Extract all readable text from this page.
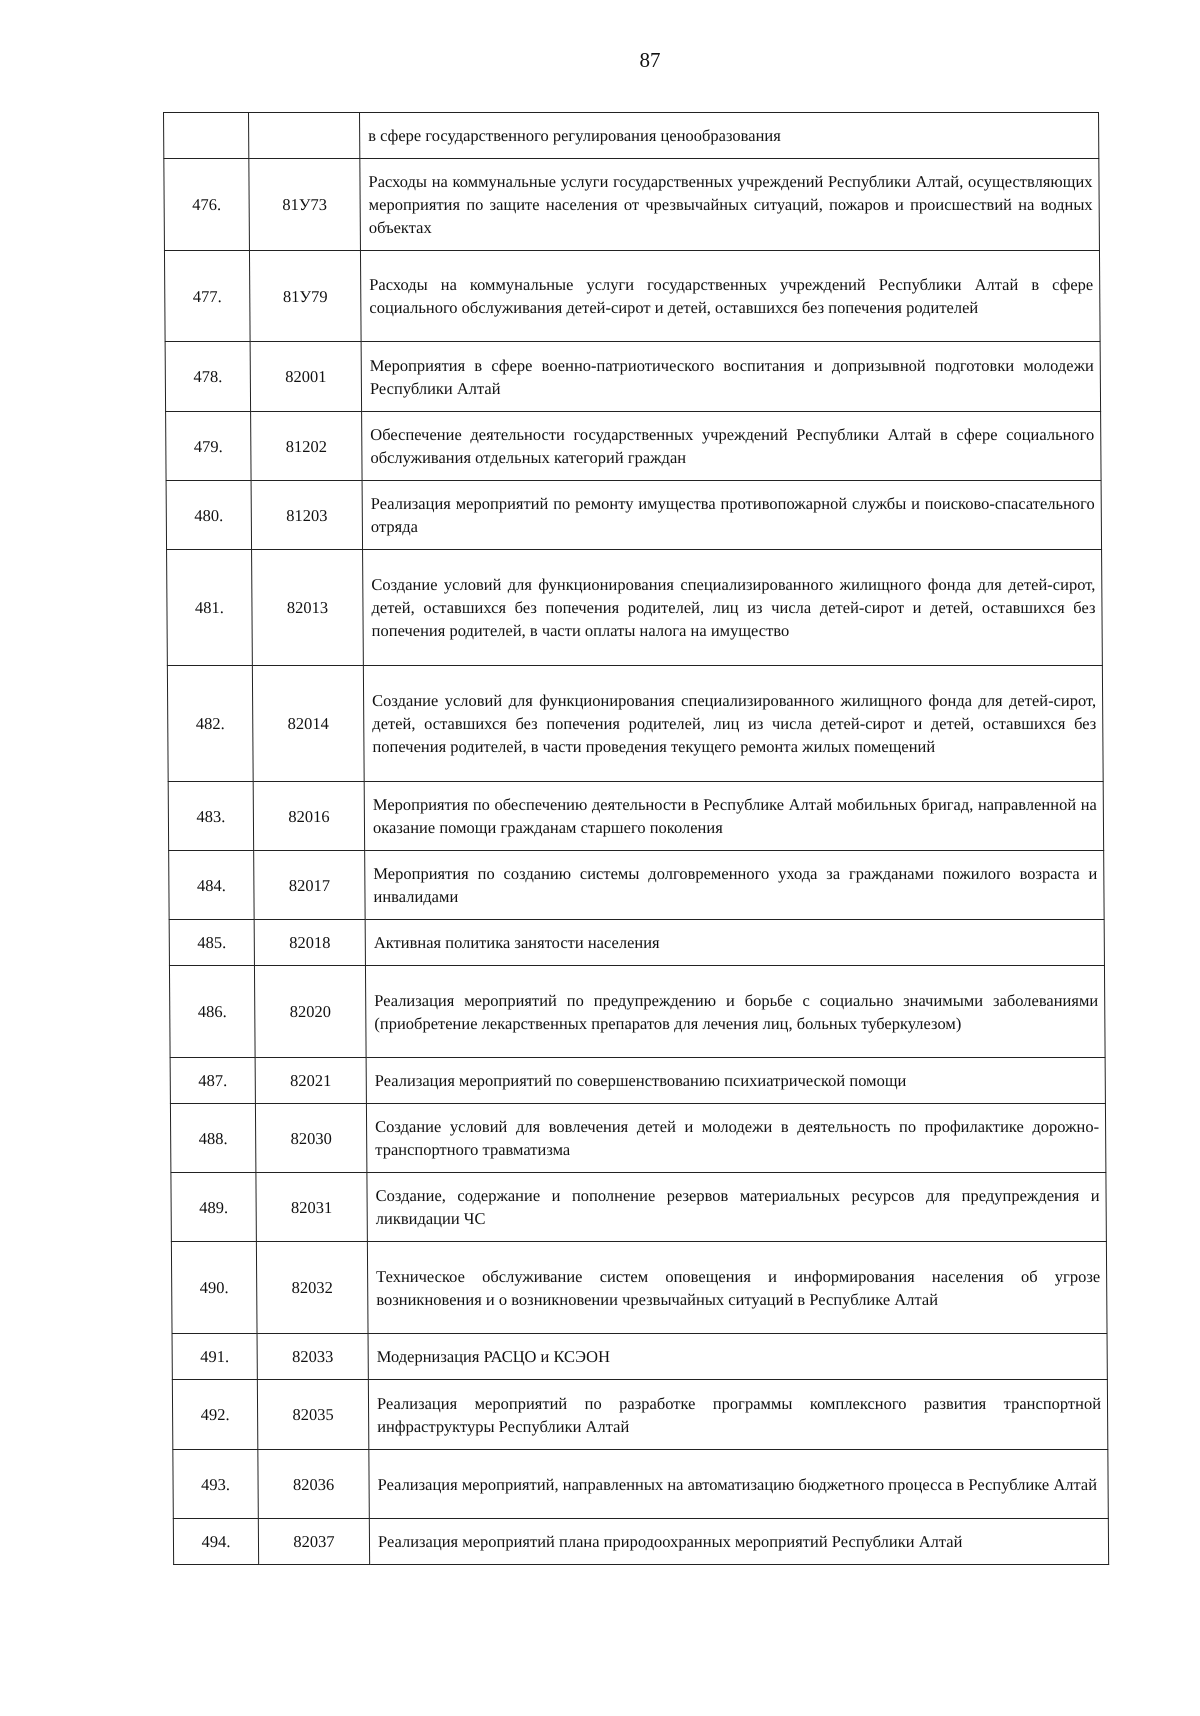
87
		в сфере государственного регулирования ценообразования
476.	81У73	Расходы на коммунальные услуги государственных учреждений Республики Алтай, осуществляющих мероприятия по защите населения от чрезвычайных ситуаций, пожаров и происшествий на водных объектах
477.	81У79	Расходы на коммунальные услуги государственных учреждений Республики Алтай в сфере социального обслуживания детей-сирот и детей, оставшихся без попечения родителей
478.	82001	Мероприятия в сфере военно-патриотического воспитания и допризывной подготовки молодежи Республики Алтай
479.	81202	Обеспечение деятельности государственных учреждений Республики Алтай в сфере социального обслуживания отдельных категорий граждан
480.	81203	Реализация мероприятий по ремонту имущества противопожарной службы и поисково-спасательного отряда
481.	82013	Создание условий для функционирования специализированного жилищного фонда для детей-сирот, детей, оставшихся без попечения родителей, лиц из числа детей-сирот и детей, оставшихся без попечения родителей, в части оплаты налога на имущество
482.	82014	Создание условий для функционирования специализированного жилищного фонда для детей-сирот, детей, оставшихся без попечения родителей, лиц из числа детей-сирот и детей, оставшихся без попечения родителей, в части проведения текущего ремонта жилых помещений
483.	82016	Мероприятия по обеспечению деятельности в Республике Алтай мобильных бригад, направленной на оказание помощи гражданам старшего поколения
484.	82017	Мероприятия по созданию системы долговременного ухода за гражданами пожилого возраста и инвалидами
485.	82018	Активная политика занятости населения
486.	82020	Реализация мероприятий по предупреждению и борьбе с социально значимыми заболеваниями (приобретение лекарственных препаратов для лечения лиц, больных туберкулезом)
487.	82021	Реализация мероприятий по совершенствованию психиатрической помощи
488.	82030	Создание условий для вовлечения детей и молодежи в деятельность по профилактике дорожно-транспортного травматизма
489.	82031	Создание, содержание и пополнение резервов материальных ресурсов для предупреждения и ликвидации ЧС
490.	82032	Техническое обслуживание систем оповещения и информирования населения об угрозе возникновения и о возникновении чрезвычайных ситуаций в Республике Алтай
491.	82033	Модернизация РАСЦО и КСЭОН
492.	82035	Реализация мероприятий по разработке программы комплексного развития транспортной инфраструктуры Республики Алтай
493.	82036	Реализация мероприятий, направленных на автоматизацию бюджетного процесса в Республике Алтай
494.	82037	Реализация мероприятий плана природоохранных мероприятий Республики Алтай
